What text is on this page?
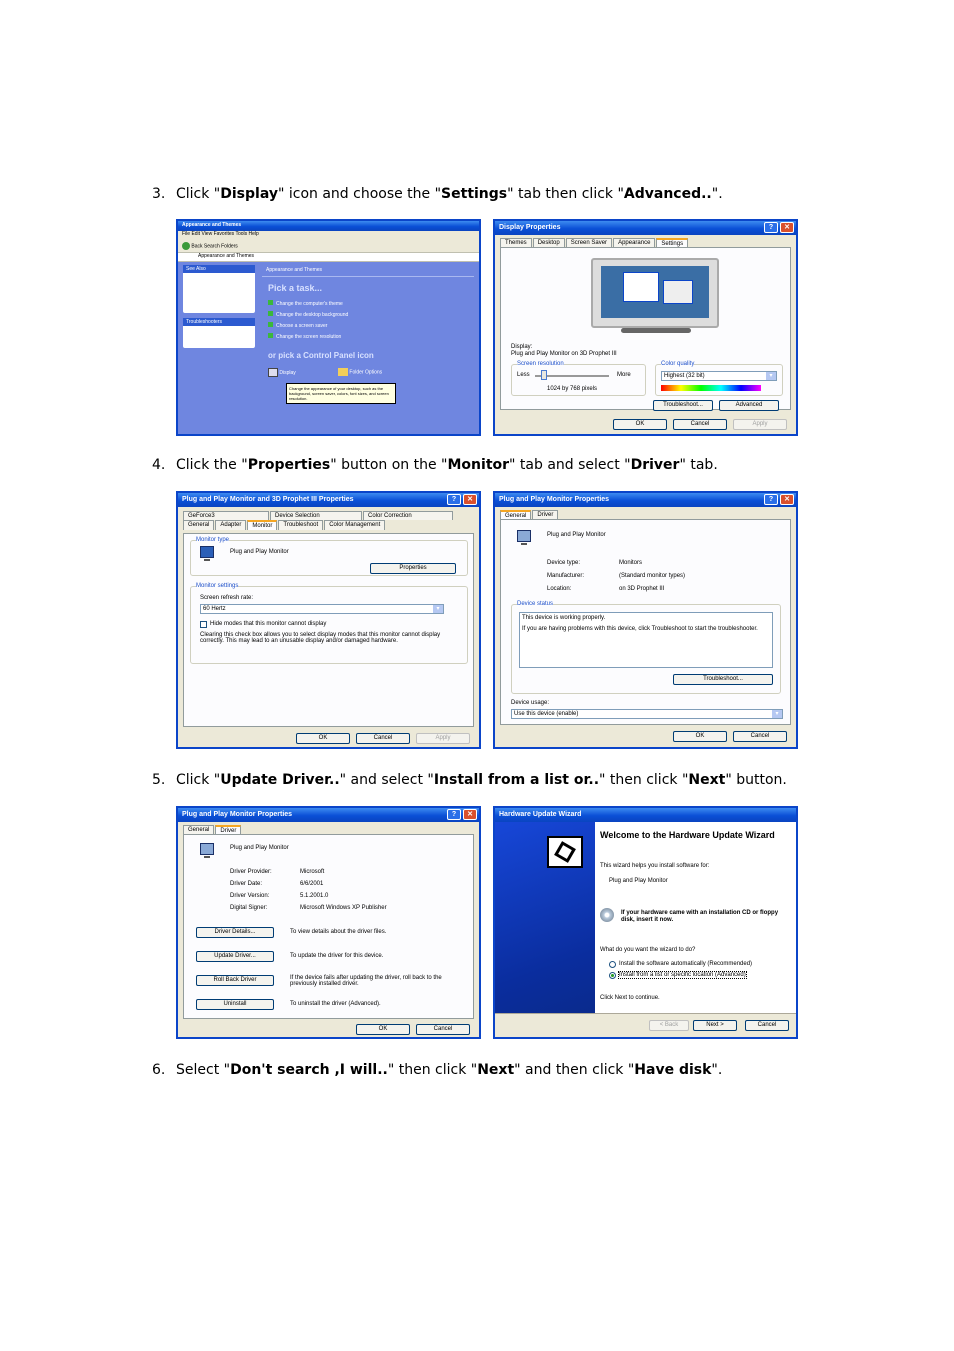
3. Click "Display" icon and choose the "Settings" tab then click "Advanced..".
Appearance and Themes
File Edit View Favorites Tools Help
Back Search Folders
Appearance and Themes
See Also
Troubleshooters
Appearance and Themes
Pick a task...
Change the computer's theme
Change the desktop background
Choose a screen saver
Change the screen resolution
or pick a Control Panel icon
Display	Folder Options
Change the appearance of your desktop, such as the background, screen saver, colors, font sizes, and screen resolution.
Display Properties	?	✕
Themes	Desktop	Screen Saver	Appearance	Settings
Display:
Plug and Play Monitor on 3D Prophet III
Screen resolution
Less	More
1024 by 768 pixels
Color quality
Highest (32 bit)	▾
Troubleshoot...	Advanced
OK	Cancel	Apply
4. Click the "Properties" button on the "Monitor" tab and select "Driver" tab.
Plug and Play Monitor and 3D Prophet III Properties	?	✕
GeForce3	Device Selection	Color Correction
General	Adapter	Monitor	Troubleshoot	Color Management
Monitor type
Plug and Play Monitor
Properties
Monitor settings
Screen refresh rate:
60 Hertz	▾
Hide modes that this monitor cannot display
Clearing this check box allows you to select display modes that this monitor cannot display correctly. This may lead to an unusable display and/or damaged hardware.
OK	Cancel	Apply
Plug and Play Monitor Properties	?	✕
General	Driver
Plug and Play Monitor
Device type:	Monitors
Manufacturer:	(Standard monitor types)
Location:	on 3D Prophet III
Device status
This device is working properly.
If you are having problems with this device, click Troubleshoot to start the troubleshooter.
Troubleshoot...
Device usage:
Use this device (enable)	▾
OK	Cancel
5. Click "Update Driver.." and select "Install from a list or.." then click "Next" button.
Plug and Play Monitor Properties	?	✕
General	Driver
Plug and Play Monitor
Driver Provider:	Microsoft
Driver Date:	6/6/2001
Driver Version:	5.1.2001.0
Digital Signer:	Microsoft Windows XP Publisher
Driver Details...	To view details about the driver files.
Update Driver...	To update the driver for this device.
Roll Back Driver	If the device fails after updating the driver, roll back to the previously installed driver.
Uninstall	To uninstall the driver (Advanced).
OK	Cancel
Hardware Update Wizard
Welcome to the Hardware Update Wizard
This wizard helps you install software for:
Plug and Play Monitor
If your hardware came with an installation CD or floppy disk, insert it now.
What do you want the wizard to do?
Install the software automatically (Recommended)
Install from a list or specific location (Advanced)
Click Next to continue.
< Back	Next >	Cancel
6. Select "Don't search ,I will.." then click "Next" and then click "Have disk".
